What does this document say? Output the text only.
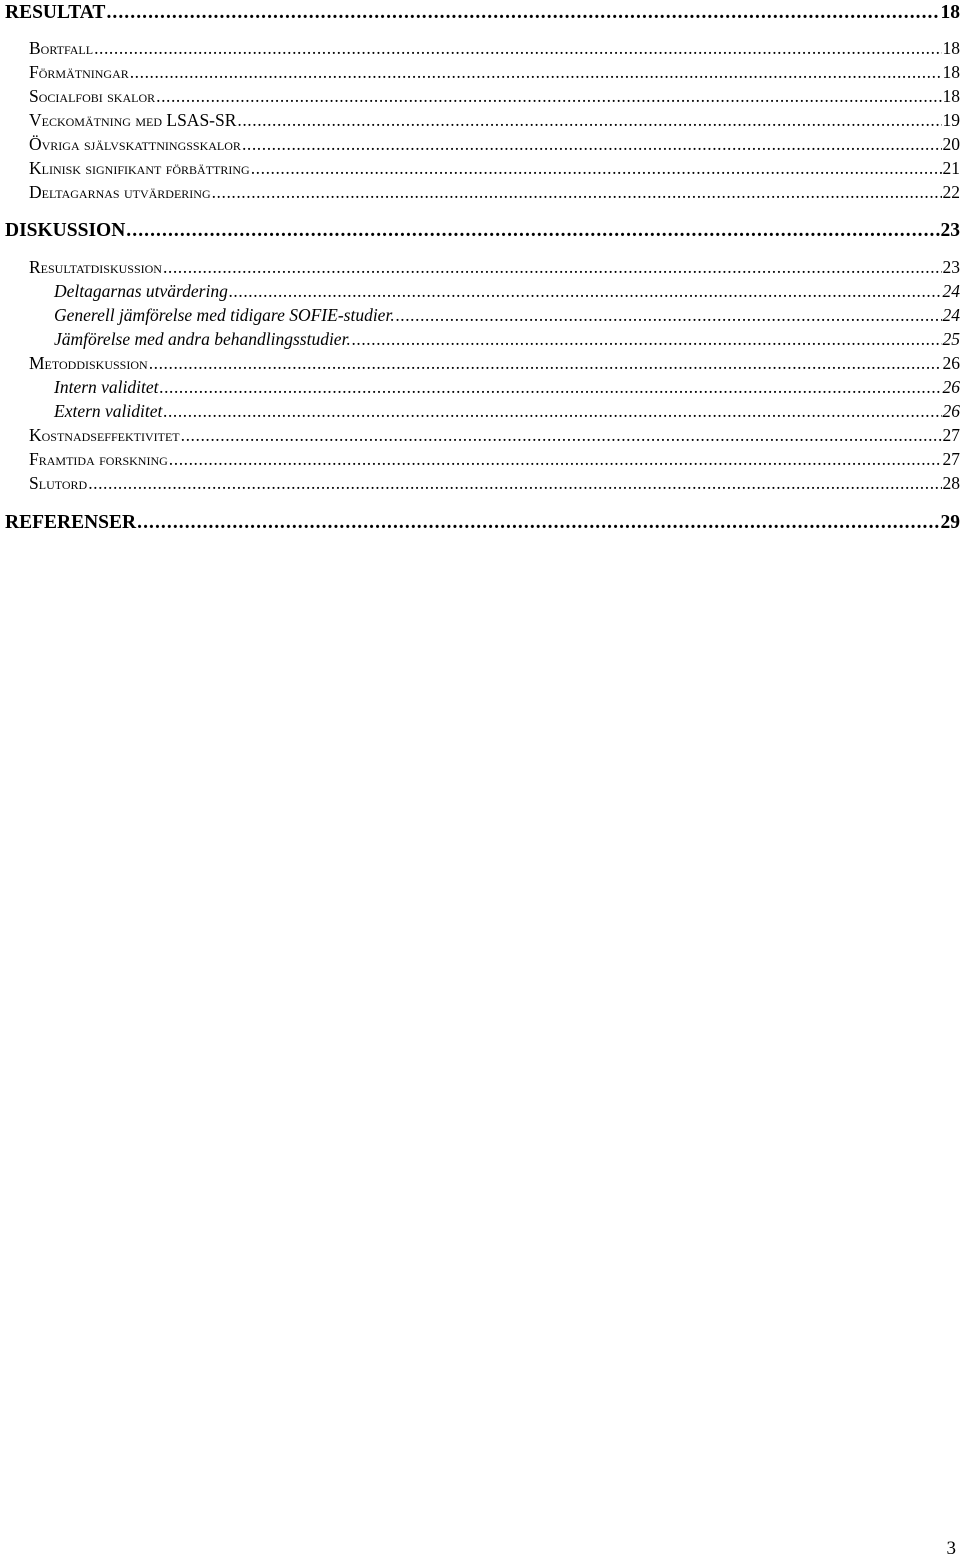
RESULTAT . . .	18
Bortfall . . .	18
Förmätningar . . .	18
Socialfobi skalor . . .	18
Veckomätning med LSAS-SR . . .	19
Övriga självskattningsskalor . . .	20
Klinisk signifikant förbättring . . .	21
Deltagarnas utvärdering . . .	22
DISKUSSION . . .	23
Resultatdiskussion . . .	23
Deltagarnas utvärdering . . .	24
Generell jämförelse med tidigare SOFIE-studier. . . .	24
Jämförelse med andra behandlingsstudier. . . .	25
Metoddiskussion . . .	26
Intern validitet . . .	26
Extern validitet . . .	26
Kostnadseffektivitet . . .	27
Framtida forskning . . .	27
Slutord . . .	28
REFERENSER . . .	29
3
